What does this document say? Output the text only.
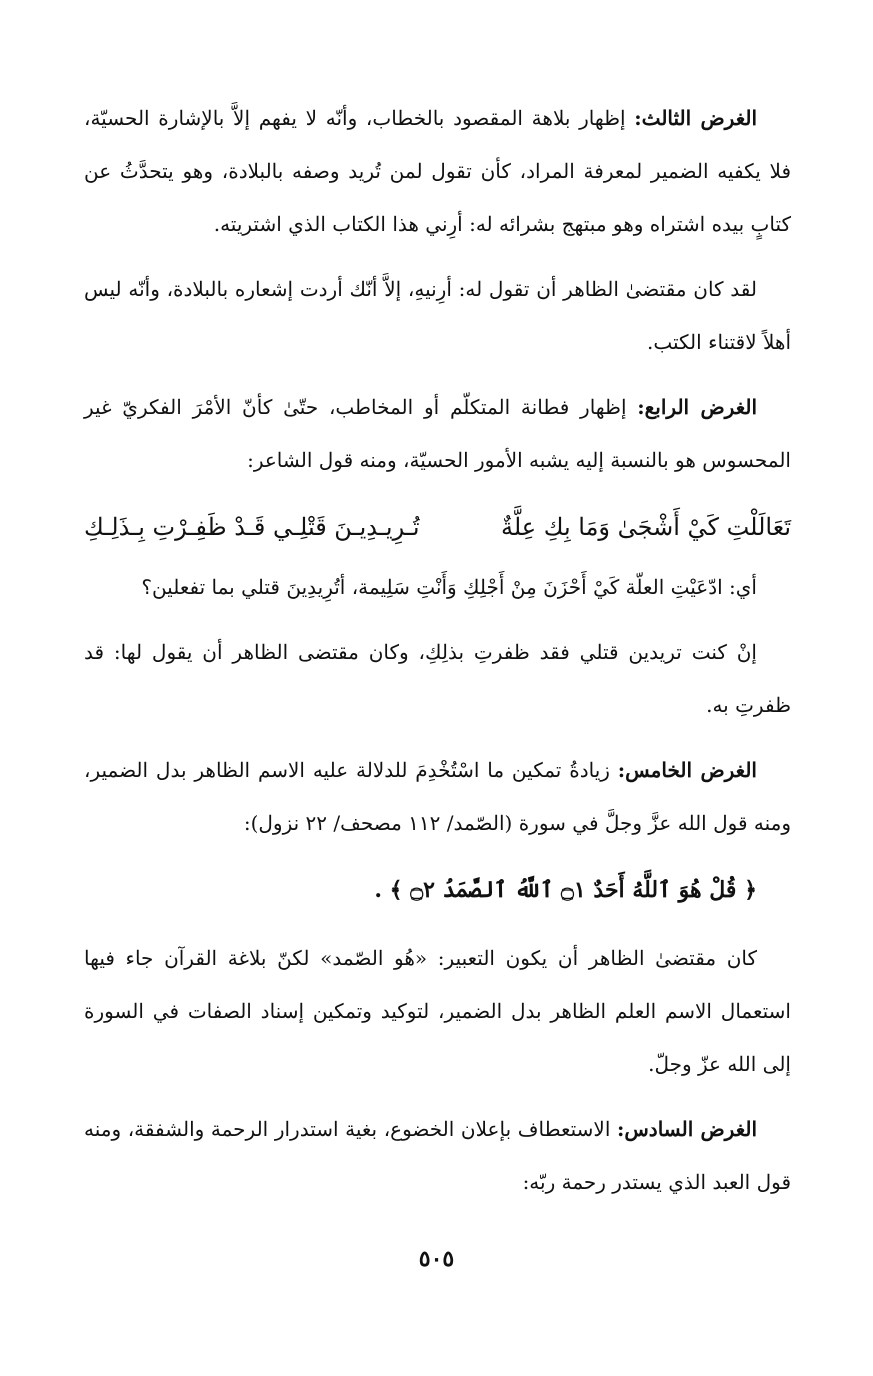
الغرض الثالث: إظهار بلاهة المقصود بالخطاب، وأنّه لا يفهم إلاَّ بالإشارة الحسيّة، فلا يكفيه الضمير لمعرفة المراد، كأن تقول لمن تُريد وصفه بالبلادة، وهو يتحدَّثُ عن كتابٍ بيده اشتراه وهو مبتهج بشرائه له: أرِني هذا الكتاب الذي اشتريته.

لقد كان مقتضىٰ الظاهر أن تقول له: أرِنيهِ، إلاَّ أنّك أردت إشعاره بالبلادة، وأنّه ليس أهلاً لاقتناء الكتب.

الغرض الرابع: إظهار فطانة المتكلّم أو المخاطب، حتّىٰ كأنّ الأمْرَ الفكريّ غير المحسوس هو بالنسبة إليه يشبه الأمور الحسيّة، ومنه قول الشاعر:

تَعَالَلْتِ كَيْ أَشْجَىٰ وَمَا بِكِ عِلَّةٌ
تُـرِيـدِيـنَ قَتْلِـي قَـدْ ظَفِـرْتِ بِـذَلِـكِ

أي: ادّعَيْتِ العلّة كَيْ أَحْزَنَ مِنْ أَجْلِكِ وَأَنْتِ سَلِيمة، أتُرِيدِينَ قتلي بما تفعلين؟

إنْ كنت تريدين قتلي فقد ظفرتِ بذلِكِ، وكان مقتضى الظاهر أن يقول لها: قد ظفرتِ به.

الغرض الخامس: زيادةُ تمكين ما اسْتُخْدِمَ للدلالة عليه الاسم الظاهر بدل الضمير، ومنه قول الله عزَّ وجلَّ في سورة (الصّمد/ ١١٢ مصحف/ ٢٢ نزول):

﴿ قُلْ هُوَ ٱللَّهُ أَحَدٌ ۝١ ٱللَّهُ ٱلصَّمَدُ ۝٢ ﴾ .

كان مقتضىٰ الظاهر أن يكون التعبير: «هُو الصّمد» لكنّ بلاغة القرآن جاء فيها استعمال الاسم العلم الظاهر بدل الضمير، لتوكيد وتمكين إسناد الصفات في السورة إلى الله عزّ وجلّ.

الغرض السادس: الاستعطاف بإعلان الخضوع، بغية استدرار الرحمة والشفقة، ومنه قول العبد الذي يستدر رحمة ربّه:

٥٠٥
